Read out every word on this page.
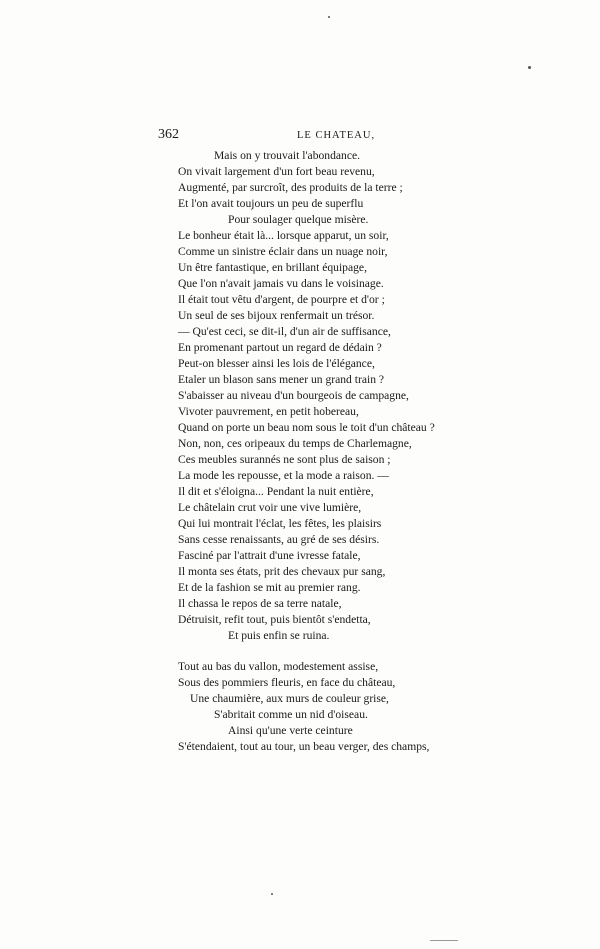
362	LE CHATEAU,
Mais on y trouvait l'abondance.
On vivait largement d'un fort beau revenu,
Augmenté, par surcroît, des produits de la terre ;
Et l'on avait toujours un peu de superflu
Pour soulager quelque misère.
Le bonheur était là... lorsque apparut, un soir,
Comme un sinistre éclair dans un nuage noir,
Un être fantastique, en brillant équipage,
Que l'on n'avait jamais vu dans le voisinage.
Il était tout vêtu d'argent, de pourpre et d'or ;
Un seul de ses bijoux renfermait un trésor.
— Qu'est ceci, se dit-il, d'un air de suffisance,
En promenant partout un regard de dédain ?
Peut-on blesser ainsi les lois de l'élégance,
Etaler un blason sans mener un grand train ?
S'abaisser au niveau d'un bourgeois de campagne,
Vivoter pauvrement, en petit hobereau,
Quand on porte un beau nom sous le toit d'un château ?
Non, non, ces oripeaux du temps de Charlemagne,
Ces meubles surannés ne sont plus de saison ;
La mode les repousse, et la mode a raison. —
Il dit et s'éloigna... Pendant la nuit entière,
Le châtelain crut voir une vive lumière,
Qui lui montrait l'éclat, les fêtes, les plaisirs
Sans cesse renaissants, au gré de ses désirs.
Fasciné par l'attrait d'une ivresse fatale,
Il monta ses états, prit des chevaux pur sang,
Et de la fashion se mit au premier rang.
Il chassa le repos de sa terre natale,
Détruisit, refit tout, puis bientôt s'endetta,
Et puis enfin se ruina.
Tout au bas du vallon, modestement assise,
Sous des pommiers fleuris, en face du château,
Une chaumière, aux murs de couleur grise,
S'abritait comme un nid d'oiseau.
Ainsi qu'une verte ceinture
S'étendaient, tout au tour, un beau verger, des champs,
